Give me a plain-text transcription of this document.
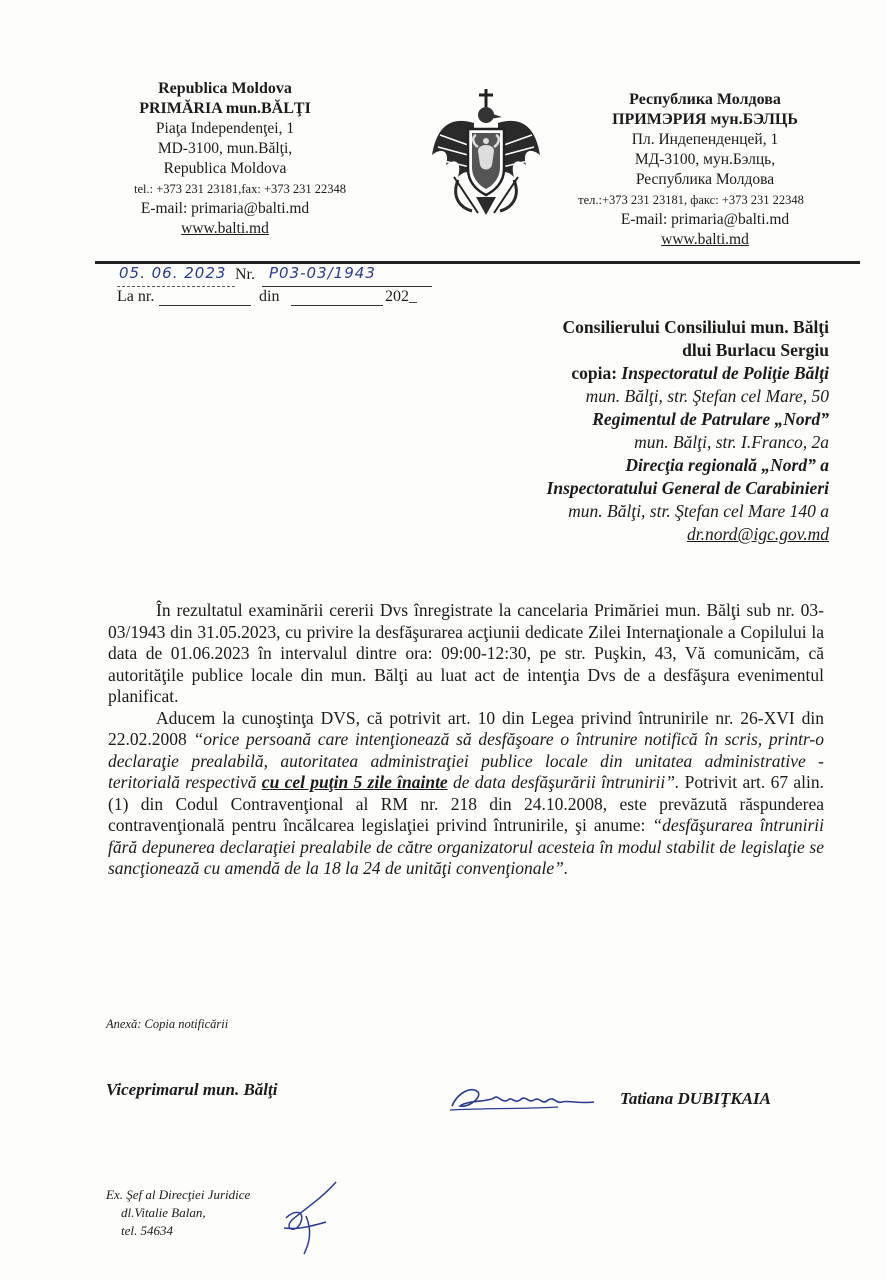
Republica Moldova
PRIMĂRIA mun.BĂLŢI
Piaţa Independenţei, 1
MD-3100, mun.Bălţi,
Republica Moldova
tel.: +373 231 23181,fax: +373 231 22348
E-mail: primaria@balti.md
www.balti.md
Республика Молдова
ПРИМЭРИЯ мун.БЭЛЦЬ
Пл. Индепенденцей, 1
МД-3100, мун.Бэлць,
Республика Молдова
тел.:+373 231 23181, факс: +373 231 22348
E-mail: primaria@balti.md
www.balti.md
05. 06. 2023 Nr. P03-03/1943
La nr.	din	202_
Consilierului Consiliului mun. Bălţi
dlui Burlacu Sergiu
copia: Inspectoratul de Poliţie Bălţi
mun. Bălţi, str. Ştefan cel Mare, 50
Regimentul de Patrulare „Nord”
mun. Bălţi, str. I.Franco, 2a
Direcţia regională „Nord” a
Inspectoratului General de Carabinieri
mun. Bălţi, str. Ştefan cel Mare 140 a
dr.nord@igc.gov.md

În rezultatul examinării cererii Dvs înregistrate la cancelaria Primăriei mun. Bălţi sub nr. 03-03/1943 din 31.05.2023, cu privire la desfăşurarea acţiunii dedicate Zilei Internaţionale a Copilului la data de 01.06.2023 în intervalul dintre ora: 09:00-12:30, pe str. Puşkin, 43, Vă comunicăm, că autorităţile publice locale din mun. Bălţi au luat act de intenţia Dvs de a desfăşura evenimentul planificat.

Aducem la cunoştinţa DVS, că potrivit art. 10 din Legea privind întrunirile nr. 26-XVI din 22.02.2008 “orice persoană care intenţionează să desfăşoare o întrunire notifică în scris, printr-o declaraţie prealabilă, autoritatea administraţiei publice locale din unitatea administrative - teritorială respectivă cu cel puţin 5 zile înainte de data desfăşurării întrunirii”. Potrivit art. 67 alin. (1) din Codul Contravenţional al RM nr. 218 din 24.10.2008, este prevăzută răspunderea contravenţională pentru încălcarea legislaţiei privind întrunirile, şi anume: “desfăşurarea întrunirii fără depunerea declaraţiei prealabile de către organizatorul acesteia în modul stabilit de legislaţie se sancţionează cu amendă de la 18 la 24 de unităţi convenţionale”.

Anexă: Copia notificării
Viceprimarul mun. Bălţi	Tatiana DUBIŢKAIA
Ex. Şef al Direcţiei Juridice
dl.Vitalie Balan,
tel. 54634
